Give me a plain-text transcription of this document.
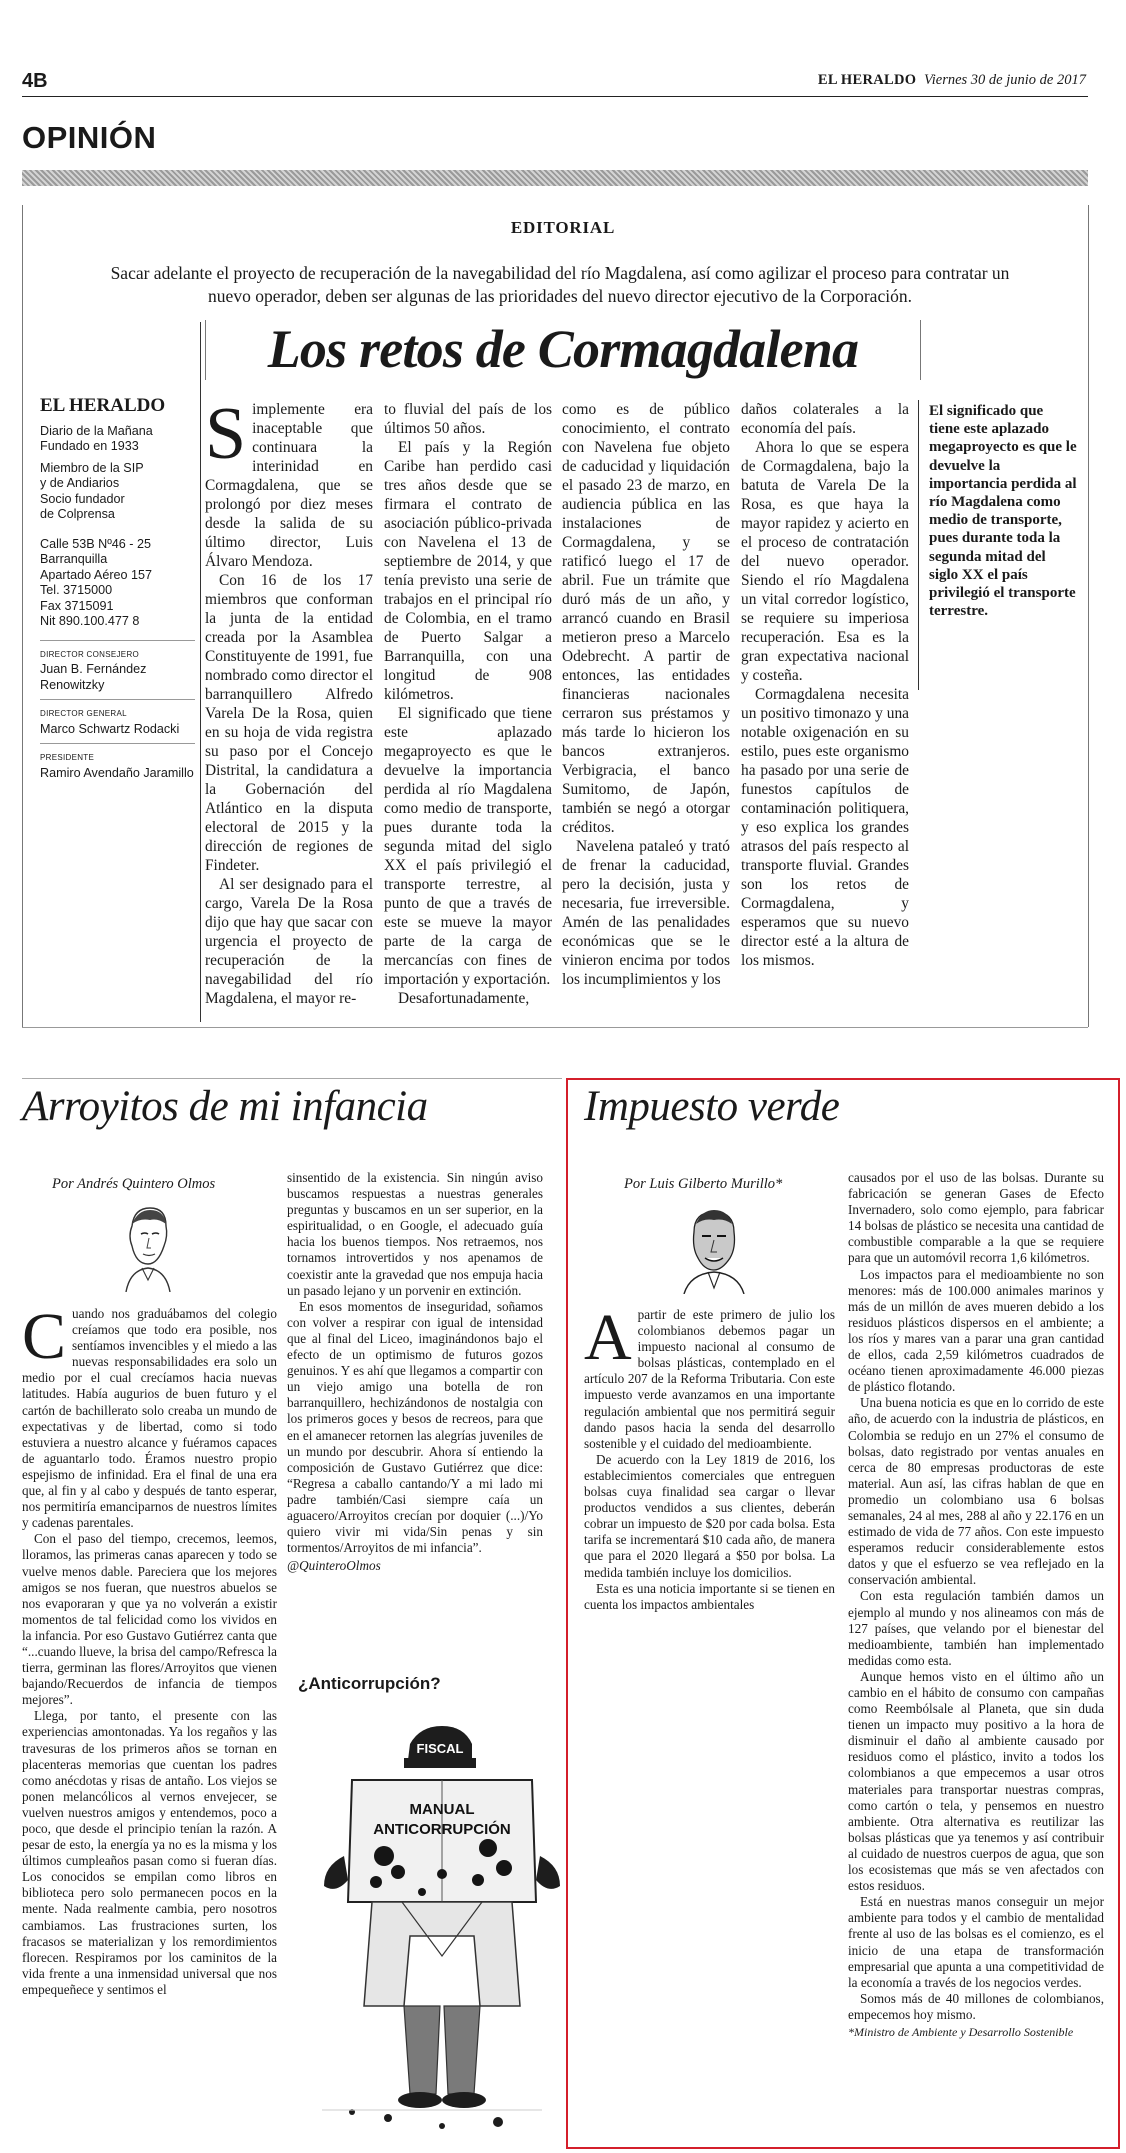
4B	EL HERALDO Viernes 30 de junio de 2017
OPINIÓN
EDITORIAL
Sacar adelante el proyecto de recuperación de la navegabilidad del río Magdalena, así como agilizar el proceso para contratar un nuevo operador, deben ser algunas de las prioridades del nuevo director ejecutivo de la Corporación.
Los retos de Cormagdalena
EL HERALDO
Diario de la Mañana
Fundado en 1933
Miembro de la SIP
y de Andiarios
Socio fundador
de Colprensa
Calle 53B Nº46 - 25
Barranquilla
Apartado Aéreo 157
Tel. 3715000
Fax 3715091
Nit 890.100.477 8
DIRECTOR CONSEJERO
Juan B. Fernández
Renowitzky
DIRECTOR GENERAL
Marco Schwartz Rodacki
PRESIDENTE
Ramiro Avendaño Jaramillo

Simplemente era inaceptable que continuara la interinidad en Cormagdalena, que se prolongó por diez meses desde la salida de su último director, Luis Álvaro Mendoza.

Con 16 de los 17 miembros que conforman la junta de la entidad creada por la Asamblea Constituyente de 1991, fue nombrado como director el barranquillero Alfredo Varela De la Rosa, quien en su hoja de vida registra su paso por el Concejo Distrital, la candidatura a la Gobernación del Atlántico en la disputa electoral de 2015 y la dirección de regiones de Findeter.

Al ser designado para el cargo, Varela De la Rosa dijo que hay que sacar con urgencia el proyecto de recuperación de la navegabilidad del río Magdalena, el mayor re-

to fluvial del país de los últimos 50 años.

El país y la Región Caribe han perdido casi tres años desde que se firmara el contrato de asociación público-privada con Navelena el 13 de septiembre de 2014, y que tenía previsto una serie de trabajos en el principal río de Colombia, en el tramo de Puerto Salgar a Barranquilla, con una longitud de 908 kilómetros.

El significado que tiene este aplazado megaproyecto es que le devuelve la importancia perdida al río Magdalena como medio de transporte, pues durante toda la segunda mitad del siglo XX el país privilegió el transporte terrestre, al punto de que a través de este se mueve la mayor parte de la carga de mercancías con fines de importación y exportación.

Desafortunadamente,

como es de público conocimiento, el contrato con Navelena fue objeto de caducidad y liquidación el pasado 23 de marzo, en audiencia pública en las instalaciones de Cormagdalena, y se ratificó luego el 17 de abril. Fue un trámite que duró más de un año, y arrancó cuando en Brasil metieron preso a Marcelo Odebrecht. A partir de entonces, las entidades financieras nacionales cerraron sus préstamos y más tarde lo hicieron los bancos extranjeros. Verbigracia, el banco Sumitomo, de Japón, también se negó a otorgar créditos.

Navelena pataleó y trató de frenar la caducidad, pero la decisión, justa y necesaria, fue irreversible. Amén de las penalidades económicas que se le vinieron encima por todos los incumplimientos y los

daños colaterales a la economía del país.

Ahora lo que se espera de Cormagdalena, bajo la batuta de Varela De la Rosa, es que haya la mayor rapidez y acierto en el proceso de contratación del nuevo operador. Siendo el río Magdalena un vital corredor logístico, se requiere su imperiosa recuperación. Esa es la gran expectativa nacional y costeña.

Cormagdalena necesita un positivo timonazo y una notable oxigenación en su estilo, pues este organismo ha pasado por una serie de funestos capítulos de contaminación politiquera, y eso explica los grandes atrasos del país respecto al transporte fluvial. Grandes son los retos de Cormagdalena, y esperamos que su nuevo director esté a la altura de los mismos.

El significado que tiene este aplazado megaproyecto es que le devuelve la importancia perdida al río Magdalena como medio de transporte, pues durante toda la segunda mitad del siglo XX el país privilegió el transporte terrestre.
Arroyitos de mi infancia
Por Andrés Quintero Olmos

Cuando nos graduábamos del colegio creíamos que todo era posible, nos sentíamos invencibles y el miedo a las nuevas responsabilidades era solo un medio por el cual crecíamos hacia nuevas latitudes. Había augurios de buen futuro y el cartón de bachillerato solo creaba un mundo de expectativas y de libertad, como si todo estuviera a nuestro alcance y fuéramos capaces de aguantarlo todo. Éramos nuestro propio espejismo de infinidad. Era el final de una era que, al fin y al cabo y después de tanto esperar, nos permitiría emanciparnos de nuestros límites y cadenas parentales.

Con el paso del tiempo, crecemos, leemos, lloramos, las primeras canas aparecen y todo se vuelve menos dable. Pareciera que los mejores amigos se nos fueran, que nuestros abuelos se nos evaporaran y que ya no volverán a existir momentos de tal felicidad como los vividos en la infancia. Por eso Gustavo Gutiérrez canta que “...cuando llueve, la brisa del campo/Refresca la tierra, germinan las flores/Arroyitos que vienen bajando/Recuerdos de infancia de tiempos mejores”.

Llega, por tanto, el presente con las experiencias amontonadas. Ya los regaños y las travesuras de los primeros años se tornan en placenteras memorias que cuentan los padres como anécdotas y risas de antaño. Los viejos se ponen melancólicos al vernos envejecer, se vuelven nuestros amigos y entendemos, poco a poco, que desde el principio tenían la razón. A pesar de esto, la energía ya no es la misma y los últimos cumpleaños pasan como si fueran días. Los conocidos se empilan como libros en biblioteca pero solo permanecen pocos en la mente. Nada realmente cambia, pero nosotros cambiamos. Las frustraciones surten, los fracasos se materializan y los remordimientos florecen. Respiramos por los caminitos de la vida frente a una inmensidad universal que nos empequeñece y sentimos el

sinsentido de la existencia. Sin ningún aviso buscamos respuestas a nuestras generales preguntas y buscamos en un ser superior, en la espiritualidad, o en Google, el adecuado guía hacia los buenos tiempos. Nos retraemos, nos tornamos introvertidos y nos apenamos de coexistir ante la gravedad que nos empuja hacia un pasado lejano y un porvenir en extinción.

En esos momentos de inseguridad, soñamos con volver a respirar con igual de intensidad que al final del Liceo, imaginándonos bajo el efecto de un optimismo de futuros gozos genuinos. Y es ahí que llegamos a compartir con un viejo amigo una botella de ron barranquillero, hechizándonos de nostalgia con los primeros goces y besos de recreos, para que en el amanecer retornen las alegrías juveniles de un mundo por descubrir. Ahora sí entiendo la composición de Gustavo Gutiérrez que dice: “Regresa a caballo cantando/Y a mi lado mi padre también/Casi siempre caía un aguacero/Arroyitos crecían por doquier (...)/Yo quiero vivir mi vida/Sin penas y sin tormentos/Arroyitos de mi infancia”.

@QuinteroOlmos

¿Anticorrupción?
FISCAL
MANUAL
ANTICORRUPCIÓN
Impuesto verde
Por Luis Gilberto Murillo*

Apartir de este primero de julio los colombianos debemos pagar un impuesto nacional al consumo de bolsas plásticas, contemplado en el artículo 207 de la Reforma Tributaria. Con este impuesto verde avanzamos en una importante regulación ambiental que nos permitirá seguir dando pasos hacia la senda del desarrollo sostenible y el cuidado del medioambiente.

De acuerdo con la Ley 1819 de 2016, los establecimientos comerciales que entreguen bolsas cuya finalidad sea cargar o llevar productos vendidos a sus clientes, deberán cobrar un impuesto de $20 por cada bolsa. Esta tarifa se incrementará $10 cada año, de manera que para el 2020 llegará a $50 por bolsa. La medida también incluye los domicilios.

Esta es una noticia importante si se tienen en cuenta los impactos ambientales

causados por el uso de las bolsas. Durante su fabricación se generan Gases de Efecto Invernadero, solo como ejemplo, para fabricar 14 bolsas de plástico se necesita una cantidad de combustible comparable a la que se requiere para que un automóvil recorra 1,6 kilómetros.

Los impactos para el medioambiente no son menores: más de 100.000 animales marinos y más de un millón de aves mueren debido a los residuos plásticos dispersos en el ambiente; a los ríos y mares van a parar una gran cantidad de ellos, cada 2,59 kilómetros cuadrados de océano tienen aproximadamente 46.000 piezas de plástico flotando.

Una buena noticia es que en lo corrido de este año, de acuerdo con la industria de plásticos, en Colombia se redujo en un 27% el consumo de bolsas, dato registrado por ventas anuales en cerca de 80 empresas productoras de este material. Aun así, las cifras hablan de que en promedio un colombiano usa 6 bolsas semanales, 24 al mes, 288 al año y 22.176 en un estimado de vida de 77 años. Con este impuesto esperamos reducir considerablemente estos datos y que el esfuerzo se vea reflejado en la conservación ambiental.

Con esta regulación también damos un ejemplo al mundo y nos alineamos con más de 127 países, que velando por el bienestar del medioambiente, también han implementado medidas como esta.

Aunque hemos visto en el último año un cambio en el hábito de consumo con campañas como Reembólsale al Planeta, que sin duda tienen un impacto muy positivo a la hora de disminuir el daño al ambiente causado por residuos como el plástico, invito a todos los colombianos a que empecemos a usar otros materiales para transportar nuestras compras, como cartón o tela, y pensemos en nuestro ambiente. Otra alternativa es reutilizar las bolsas plásticas que ya tenemos y así contribuir al cuidado de nuestros cuerpos de agua, que son los ecosistemas que más se ven afectados con estos residuos.

Está en nuestras manos conseguir un mejor ambiente para todos y el cambio de mentalidad frente al uso de las bolsas es el comienzo, es el inicio de una etapa de transformación empresarial que apunta a una competitividad de la economía a través de los negocios verdes.

Somos más de 40 millones de colombianos, empecemos hoy mismo.

*Ministro de Ambiente y Desarrollo Sostenible
